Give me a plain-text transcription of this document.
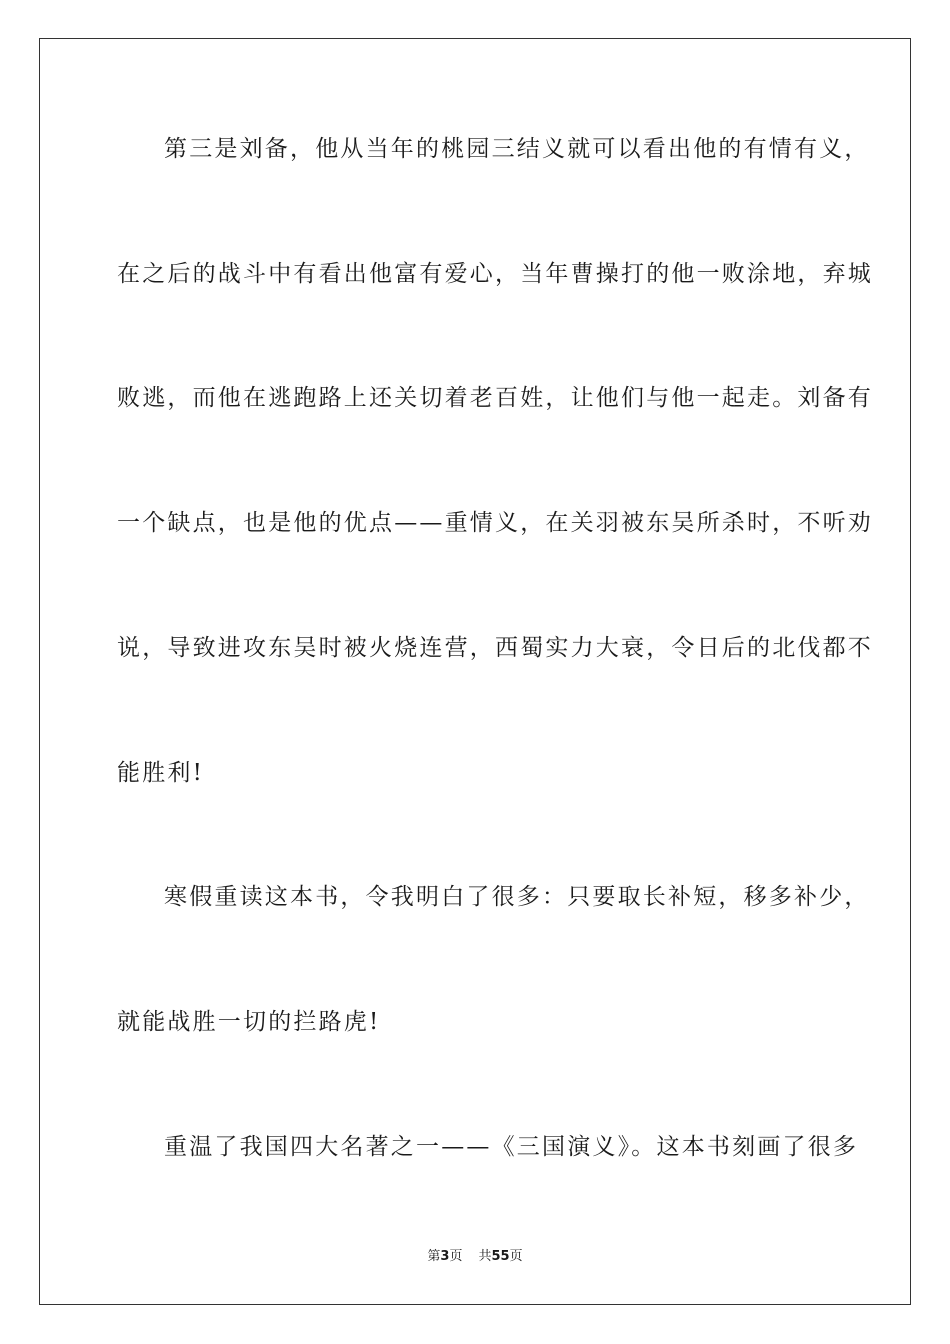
第三是刘备，他从当年的桃园三结义就可以看出他的有情有义，
在之后的战斗中有看出他富有爱心，当年曹操打的他一败涂地，弃城
败逃，而他在逃跑路上还关切着老百姓，让他们与他一起走。刘备有
一个缺点，也是他的优点——重情义，在关羽被东吴所杀时，不听劝
说，导致进攻东吴时被火烧连营，西蜀实力大衰，令日后的北伐都不
能胜利!
寒假重读这本书，令我明白了很多：只要取长补短，移多补少，
就能战胜一切的拦路虎!
重温了我国四大名著之一——《三国演义》。这本书刻画了很多
第3页 共55页
